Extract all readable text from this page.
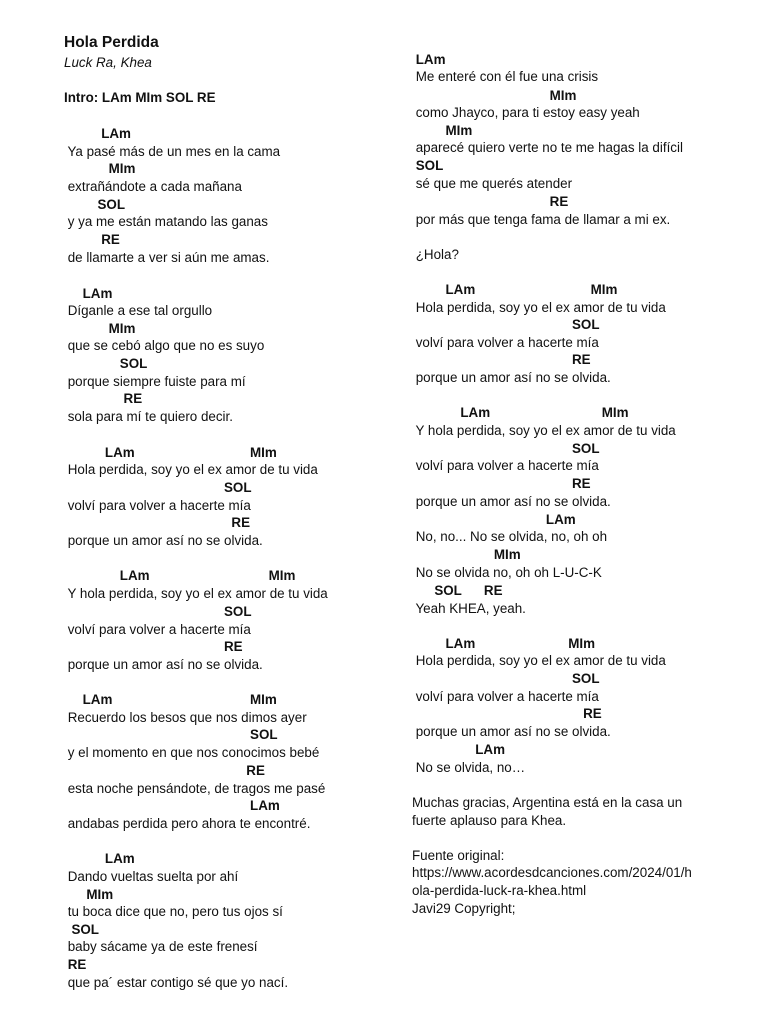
Hola Perdida
Luck Ra, Khea
Intro: LAm MIm SOL RE
LAm
Ya pasé más de un mes en la cama
MIm
extrañándote a cada mañana
SOL
y ya me están matando las ganas
RE
de llamarte a ver si aún me amas.
LAm
Díganle a ese tal orgullo
MIm
que se cebó algo que no es suyo
SOL
porque siempre fuiste para mí
RE
sola para mí te quiero decir.
LAm                               MIm
Hola perdida, soy yo el ex amor de tu vida
SOL
volví para volver a hacerte mía
RE
porque un amor así no se olvida.
LAm                                MIm
Y hola perdida, soy yo el ex amor de tu vida
SOL
volví para volver a hacerte mía
RE
porque un amor así no se olvida.
LAm                                     MIm
Recuerdo los besos que nos dimos ayer
SOL
y el momento en que nos conocimos bebé
RE
esta noche pensándote, de tragos me pasé
LAm
andabas perdida pero ahora te encontré.
LAm
Dando vueltas suelta por ahí
MIm
tu boca dice que no, pero tus ojos sí
SOL
baby sácame ya de este frenesí
RE
que pa´ estar contigo sé que yo nací.
LAm
Me enteré con él fue una crisis
MIm
como Jhayco, para ti estoy easy yeah
MIm
aparecé quiero verte no te me hagas la difícil
SOL
sé que me querés atender
RE
por más que tenga fama de llamar a mi ex.
¿Hola?
LAm                               MIm
Hola perdida, soy yo el ex amor de tu vida
SOL
volví para volver a hacerte mía
RE
porque un amor así no se olvida.
LAm                              MIm
Y hola perdida, soy yo el ex amor de tu vida
SOL
volví para volver a hacerte mía
RE
porque un amor así no se olvida.
LAm
No, no... No se olvida, no, oh oh
MIm
No se olvida no, oh oh L-U-C-K
SOL      RE
Yeah KHEA, yeah.
LAm                         MIm
Hola perdida, soy yo el ex amor de tu vida
SOL
volví para volver a hacerte mía
RE
porque un amor así no se olvida.
LAm
No se olvida, no…
Muchas gracias, Argentina está en la casa un
fuerte aplauso para Khea.
Fuente original:
https://www.acordesdcanciones.com/2024/01/h
ola-perdida-luck-ra-khea.html
Javi29 Copyright;
